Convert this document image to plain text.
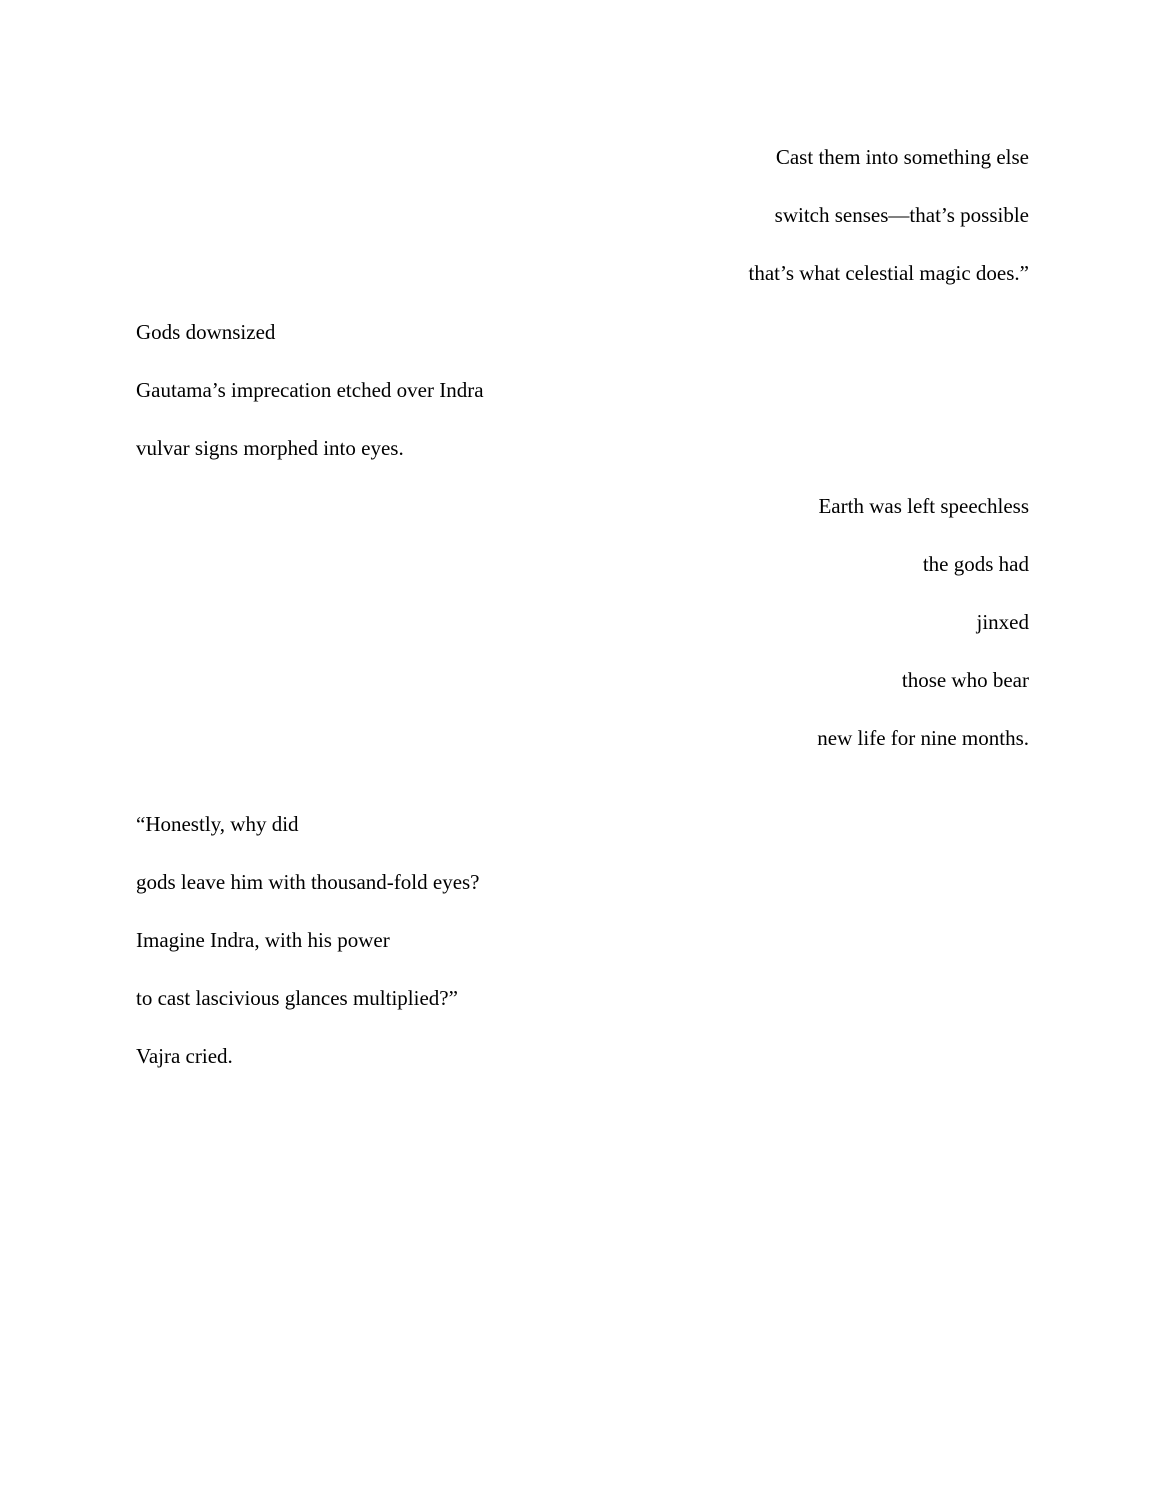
Cast them into something else
switch senses—that’s possible
that’s what celestial magic does.”
Gods downsized
Gautama’s imprecation etched over Indra
vulvar signs morphed into eyes.
Earth was left speechless
the gods had
jinxed
those who bear
new life for nine months.
“Honestly, why did
gods leave him with thousand-fold eyes?
Imagine Indra, with his power
to cast lascivious glances multiplied?”
Vajra cried.
